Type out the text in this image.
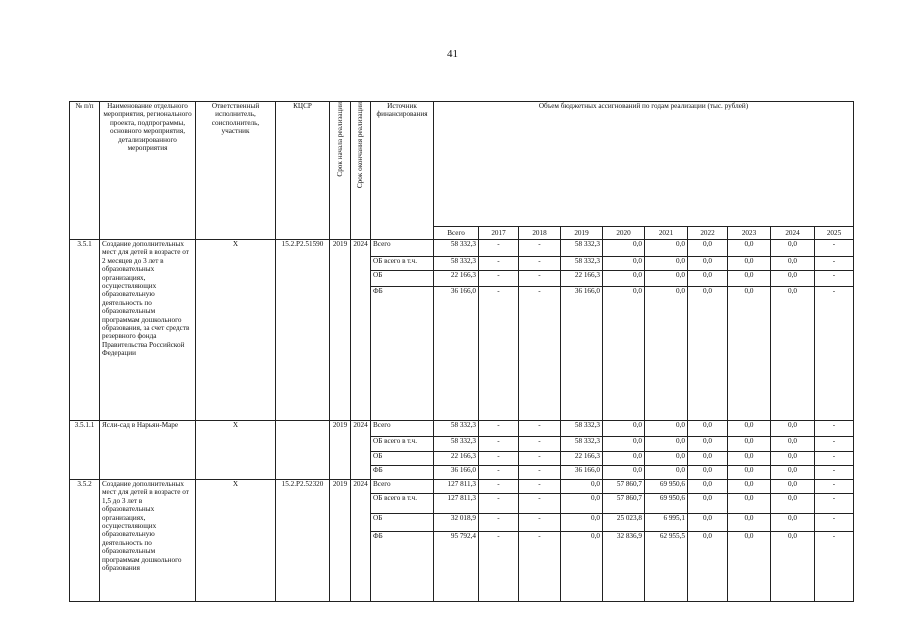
41
№ п/п	Наименование отдельного мероприятия, регионального проекта, подпрограммы, основного мероприятия, детализированного мероприятия	Ответственный исполнитель, соисполнитель, участник	КЦСР	Срок начала реализации	Срок окончания реализации	Источник финансирования	Объем бюджетных ассигнований по годам реализации (тыс. рублей)									
							Всего	2017	2018	2019	2020	2021	2022	2023	2024	2025
3.5.1	Создание дополнительных мест для детей в возрасте от 2 месяцев до 3 лет в образовательных организациях, осуществляющих образовательную деятельность по образовательным программам дошкольного образования, за счет средств резервного фонда Правительства Российской Федерации	Х	15.2.Р2.51590	2019	2024	Всего	58 332,3	-	-	58 332,3	0,0	0,0	0,0	0,0	0,0	-
						ОБ всего в т.ч.	58 332,3	-	-	58 332,3	0,0	0,0	0,0	0,0	0,0	-
						ОБ	22 166,3	-	-	22 166,3	0,0	0,0	0,0	0,0	0,0	-
						ФБ	36 166,0	-	-	36 166,0	0,0	0,0	0,0	0,0	0,0	-
3.5.1.1	Ясли-сад в Нарьян-Маре	Х		2019	2024	Всего	58 332,3	-	-	58 332,3	0,0	0,0	0,0	0,0	0,0	-
						ОБ всего в т.ч.	58 332,3	-	-	58 332,3	0,0	0,0	0,0	0,0	0,0	-
						ОБ	22 166,3	-	-	22 166,3	0,0	0,0	0,0	0,0	0,0	-
						ФБ	36 166,0	-	-	36 166,0	0,0	0,0	0,0	0,0	0,0	-
3.5.2	Создание дополнительных мест для детей в возрасте от 1,5 до 3 лет в образовательных организациях, осуществляющих образовательную деятельность по образовательным программам дошкольного образования	Х	15.2.Р2.52320	2019	2024	Всего	127 811,3	-	-	0,0	57 860,7	69 950,6	0,0	0,0	0,0	-
						ОБ всего в т.ч.	127 811,3	-	-	0,0	57 860,7	69 950,6	0,0	0,0	0,0	-
						ОБ	32 018,9	-	-	0,0	25 023,8	6 995,1	0,0	0,0	0,0	-
						ФБ	95 792,4	-	-	0,0	32 836,9	62 955,5	0,0	0,0	0,0	-
